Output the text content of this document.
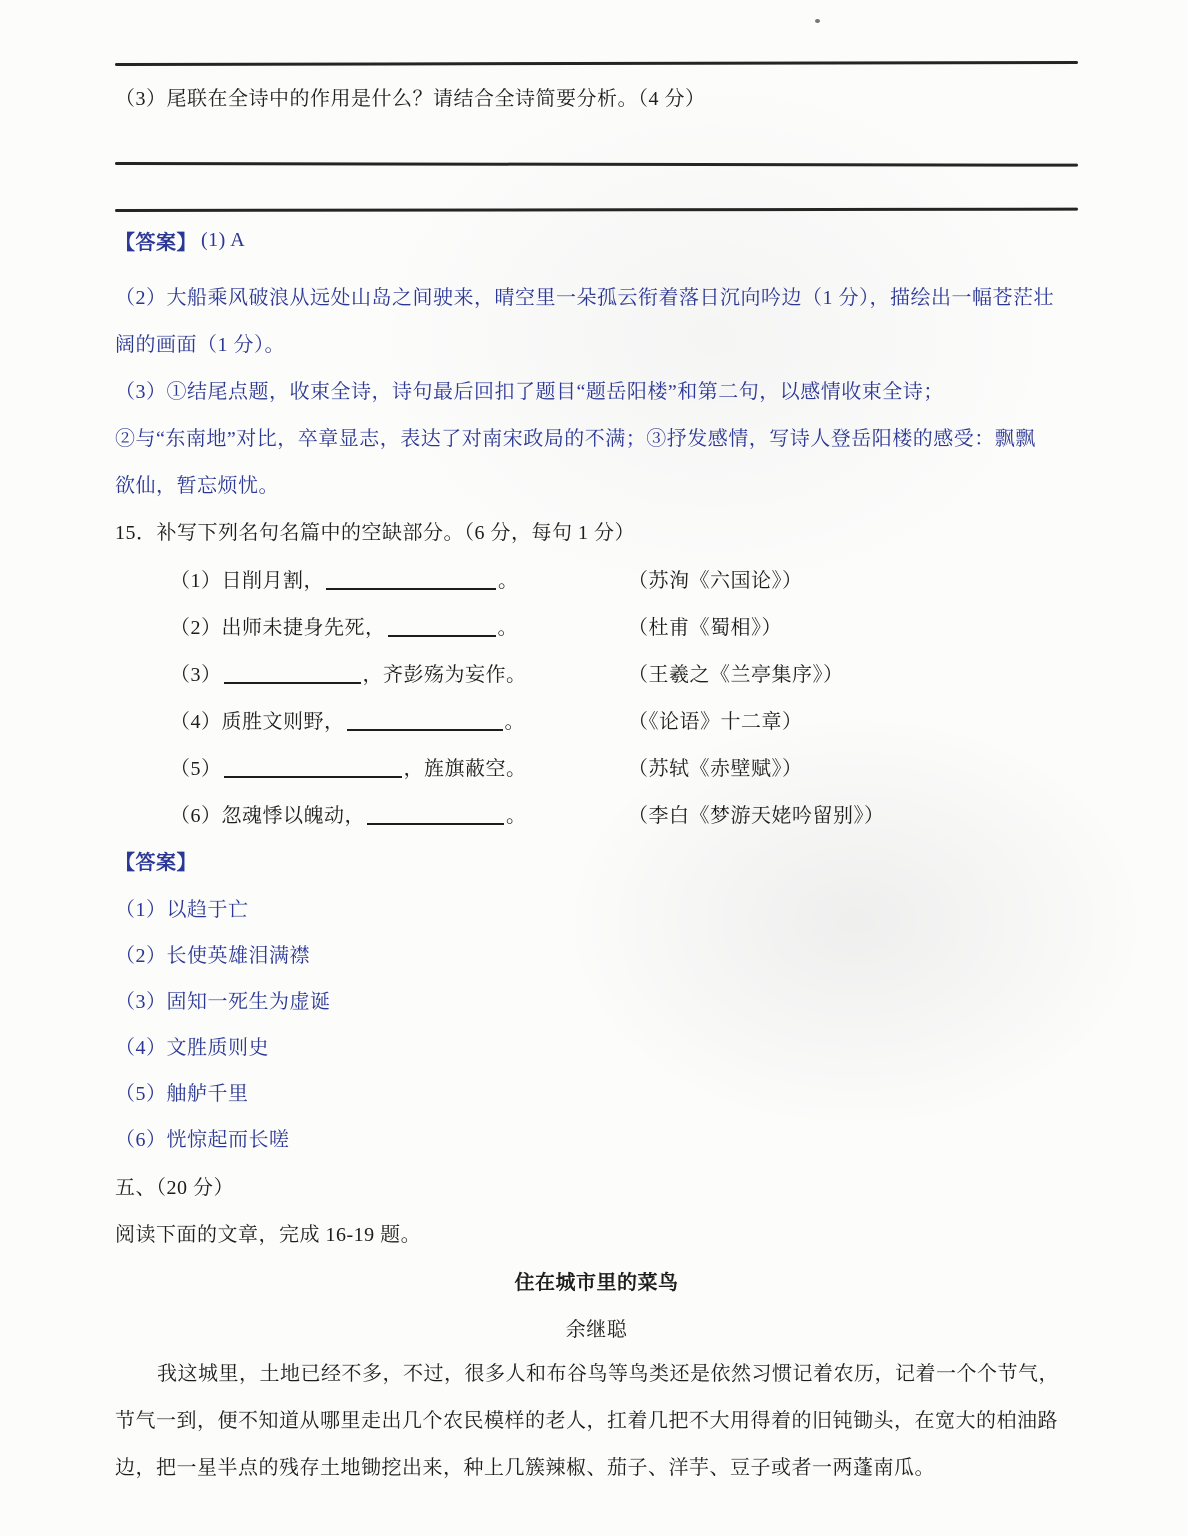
（3）尾联在全诗中的作用是什么？请结合全诗简要分析。（4 分）
【答案】 (1) A
（2）大船乘风破浪从远处山岛之间驶来，晴空里一朵孤云衔着落日沉向吟边（1 分），描绘出一幅苍茫壮
阔的画面（1 分）。
（3）①结尾点题，收束全诗，诗句最后回扣了题目“题岳阳楼”和第二句，以感情收束全诗；
②与“东南地”对比，卒章显志，表达了对南宋政局的不满；③抒发感情，写诗人登岳阳楼的感受：飘飘
欲仙，暂忘烦忧。
15．补写下列名句名篇中的空缺部分。（6 分，每句 1 分）
（1）日削月割，	。	（苏洵《六国论》）
（2）出师未捷身先死，	。	（杜甫《蜀相》）
（3）	，齐彭殇为妄作。	（王羲之《兰亭集序》）
（4）质胜文则野，	。	（《论语》十二章）
（5）	，旌旗蔽空。	（苏轼《赤壁赋》）
（6）忽魂悸以魄动，	。	（李白《梦游天姥吟留别》）
【答案】
（1）以趋于亡
（2）长使英雄泪满襟
（3）固知一死生为虚诞
（4）文胜质则史
（5）舳舻千里
（6）恍惊起而长嗟
五、（20 分）
阅读下面的文章，完成 16-19 题。
住在城市里的菜鸟
余继聪
我这城里，土地已经不多，不过，很多人和布谷鸟等鸟类还是依然习惯记着农历，记着一个个节气，
节气一到，便不知道从哪里走出几个农民模样的老人，扛着几把不大用得着的旧钝锄头，在宽大的柏油路
边，把一星半点的残存土地锄挖出来，种上几簇辣椒、茄子、洋芋、豆子或者一两蓬南瓜。
